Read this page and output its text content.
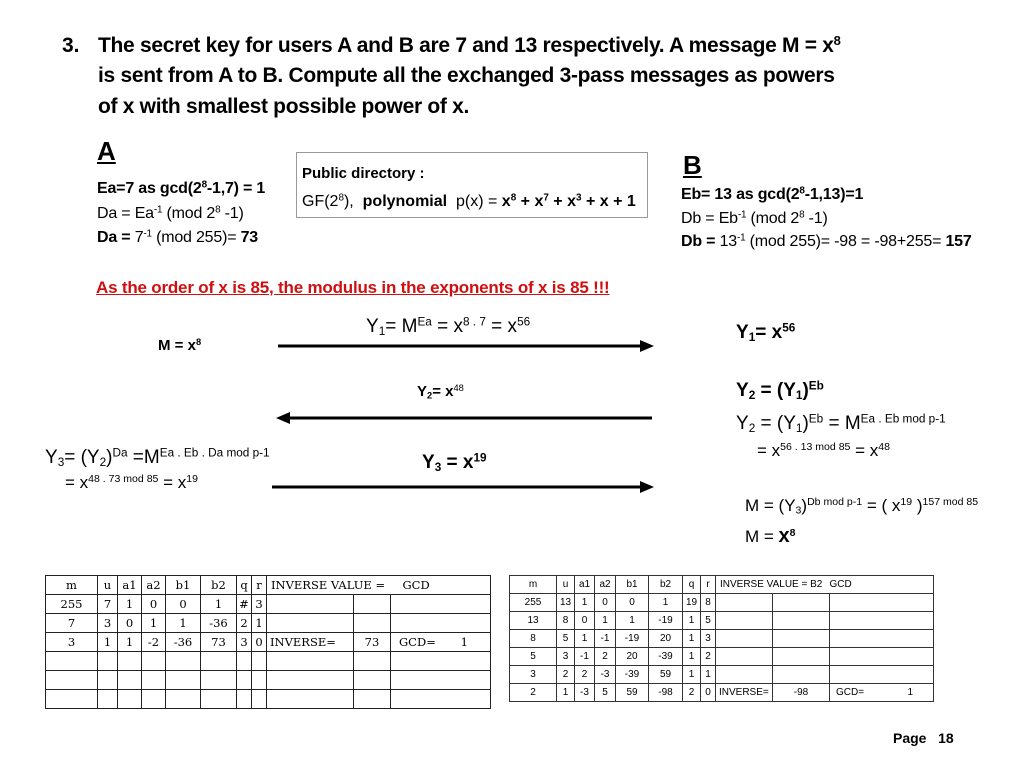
3. The secret key for users A and B are 7 and 13 respectively. A message $M = x^8$
is sent from A to B. Compute all the exchanged 3-pass messages as powers
of x with smallest possible power of x.
A
Ea=7 as $\gcd(2^8-1,7) = 1$
$Da = Ea^{-1}$ (mod $2^8$ -1)
$Da = 7^{-1}$ (mod 255)= 73
Public directory :
$GF(2^8)$, polynomial $p(x) = x^8 + x^7 + x^3 + x + 1$
B
Eb= 13 as $\gcd(2^8-1,13)=1$
$Db = Eb^{-1}$ (mod $2^8$ -1)
$Db = 13^{-1}$ (mod 255)= -98 = -98+255= 157
As the order of x is 85, the modulus in the exponents of x is 85 !!!
$M = x^8$
$Y_1= M^{Ea} = x^{8 . 7} = x^{56}$	$Y_1= x^{56}$
$Y_2= x^{48}$	$Y_2 = (Y_1)^{Eb}$
$Y_2 = (Y_1)^{Eb} = M^{Ea . Eb mod p-1}$
= $x^{56 . 13 mod 85} = x^{48}$
$Y_3= (Y_2)^{Da} =M^{Ea . Eb . Da mod p-1}$
= $x^{48 . 73 mod 85} = x^{19}$
$Y_3 = x^{19}$
$M = (Y_3)^{Db mod p-1}$ = ( $x^{19}$ )$^{157 mod 85}$
$M = x^8$
m	u	a1	a2	b1	b2	q	r	INVERSE VALUE =		GCD
255	7	1	0	0	1	#	3			
7	3	0	1	1	-36	2	1			
3	1	1	-2	-36	73	3	0	INVERSE=	73	GCD= 1

m	u	a1	a2	b1	b2	q	r	INVERSE VALUE = B2		GCD
255	13	1	0	0	1	19	8			
13	8	0	1	1	-19	1	5			
8	5	1	-1	-19	20	1	3			
5	3	-1	2	20	-39	1	2			
3	2	2	-3	-39	59	1	1			
2	1	-3	5	59	-98	2	0	INVERSE=	-98	GCD= 1
Page 18
